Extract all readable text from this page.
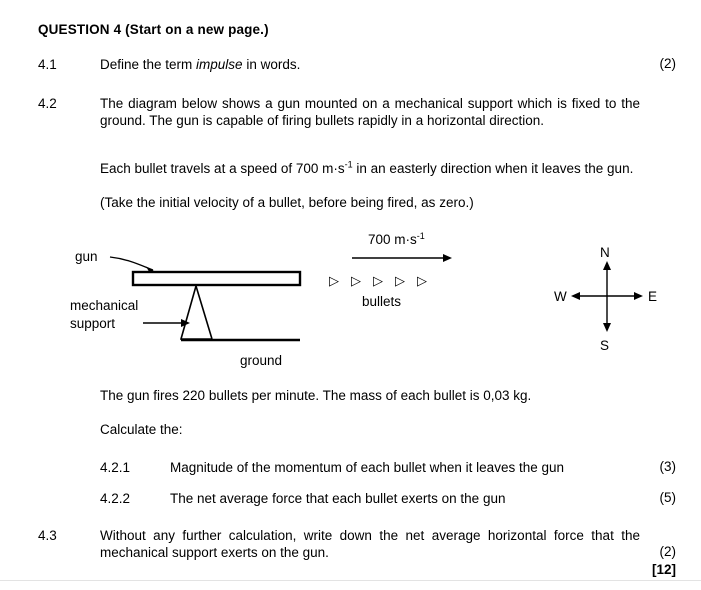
QUESTION 4 (Start on a new page.)
4.1	Define the term impulse in words.	(2)
4.2	The diagram below shows a gun mounted on a mechanical support which is fixed to the ground. The gun is capable of firing bullets rapidly in a horizontal direction.
Each bullet travels at a speed of 700 $m\cdot s^{-1}$ in an easterly direction when it leaves the gun.
(Take the initial velocity of a bullet, before being fired, as zero.)
gun
mechanical
support
ground
700 $m\cdot s^{-1}$
▷ ▷ ▷ ▷ ▷
bullets
N
S
E
W
The gun fires 220 bullets per minute. The mass of each bullet is 0,03 kg.
Calculate the:
4.2.1	Magnitude of the momentum of each bullet when it leaves the gun	(3)
4.2.2	The net average force that each bullet exerts on the gun	(5)
4.3	Without any further calculation, write down the net average horizontal force that the mechanical support exerts on the gun.	(2)
[12]
